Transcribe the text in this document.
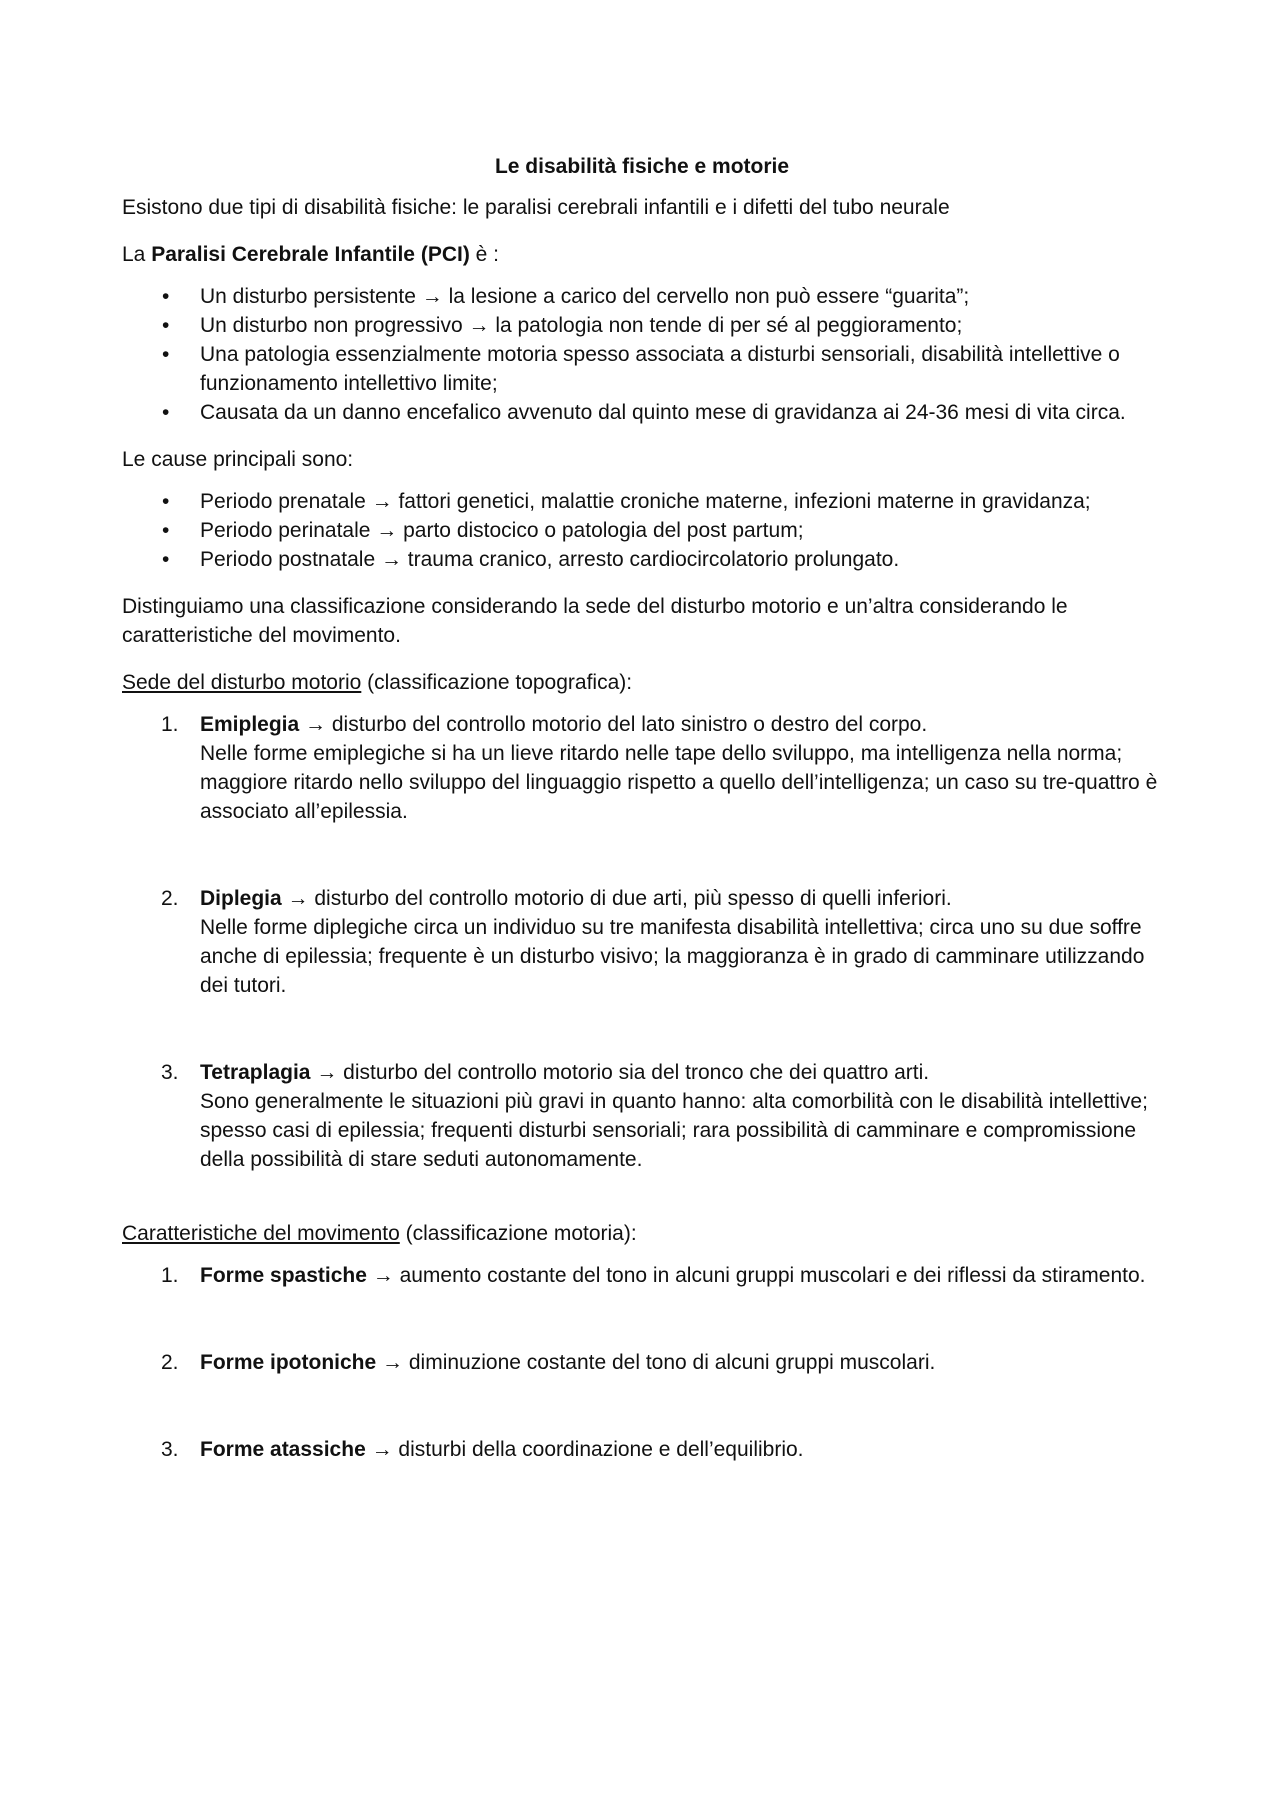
Le disabilità fisiche e motorie

Esistono due tipi di disabilità fisiche: le paralisi cerebrali infantili e i difetti del tubo neurale

La Paralisi Cerebrale Infantile (PCI) è :

•	Un disturbo persistente → la lesione a carico del cervello non può essere “guarita”;
•	Un disturbo non progressivo → la patologia non tende di per sé al peggioramento;
•	Una patologia essenzialmente motoria spesso associata a disturbi sensoriali, disabilità intellettive o funzionamento intellettivo limite;
•	Causata da un danno encefalico avvenuto dal quinto mese di gravidanza ai 24-36 mesi di vita circa.

Le cause principali sono:

•	Periodo prenatale → fattori genetici, malattie croniche materne, infezioni materne in gravidanza;
•	Periodo perinatale → parto distocico o patologia del post partum;
•	Periodo postnatale → trauma cranico, arresto cardiocircolatorio prolungato.

Distinguiamo una classificazione considerando la sede del disturbo motorio e un’altra considerando le caratteristiche del movimento.

Sede del disturbo motorio (classificazione topografica):

1.	Emiplegia → disturbo del controllo motorio del lato sinistro o destro del corpo.
Nelle forme emiplegiche si ha un lieve ritardo nelle tape dello sviluppo, ma intelligenza nella norma; maggiore ritardo nello sviluppo del linguaggio rispetto a quello dell’intelligenza; un caso su tre-quattro è associato all’epilessia.
2.	Diplegia → disturbo del controllo motorio di due arti, più spesso di quelli inferiori.
Nelle forme diplegiche circa un individuo su tre manifesta disabilità intellettiva; circa uno su due soffre anche di epilessia; frequente è un disturbo visivo; la maggioranza è in grado di camminare utilizzando dei tutori.
3.	Tetraplagia → disturbo del controllo motorio sia del tronco che dei quattro arti.
Sono generalmente le situazioni più gravi in quanto hanno: alta comorbilità con le disabilità intellettive; spesso casi di epilessia; frequenti disturbi sensoriali; rara possibilità di camminare e compromissione della possibilità di stare seduti autonomamente.

Caratteristiche del movimento (classificazione motoria):

1.	Forme spastiche → aumento costante del tono in alcuni gruppi muscolari e dei riflessi da stiramento.
2.	Forme ipotoniche → diminuzione costante del tono di alcuni gruppi muscolari.
3.	Forme atassiche → disturbi della coordinazione e dell’equilibrio.
